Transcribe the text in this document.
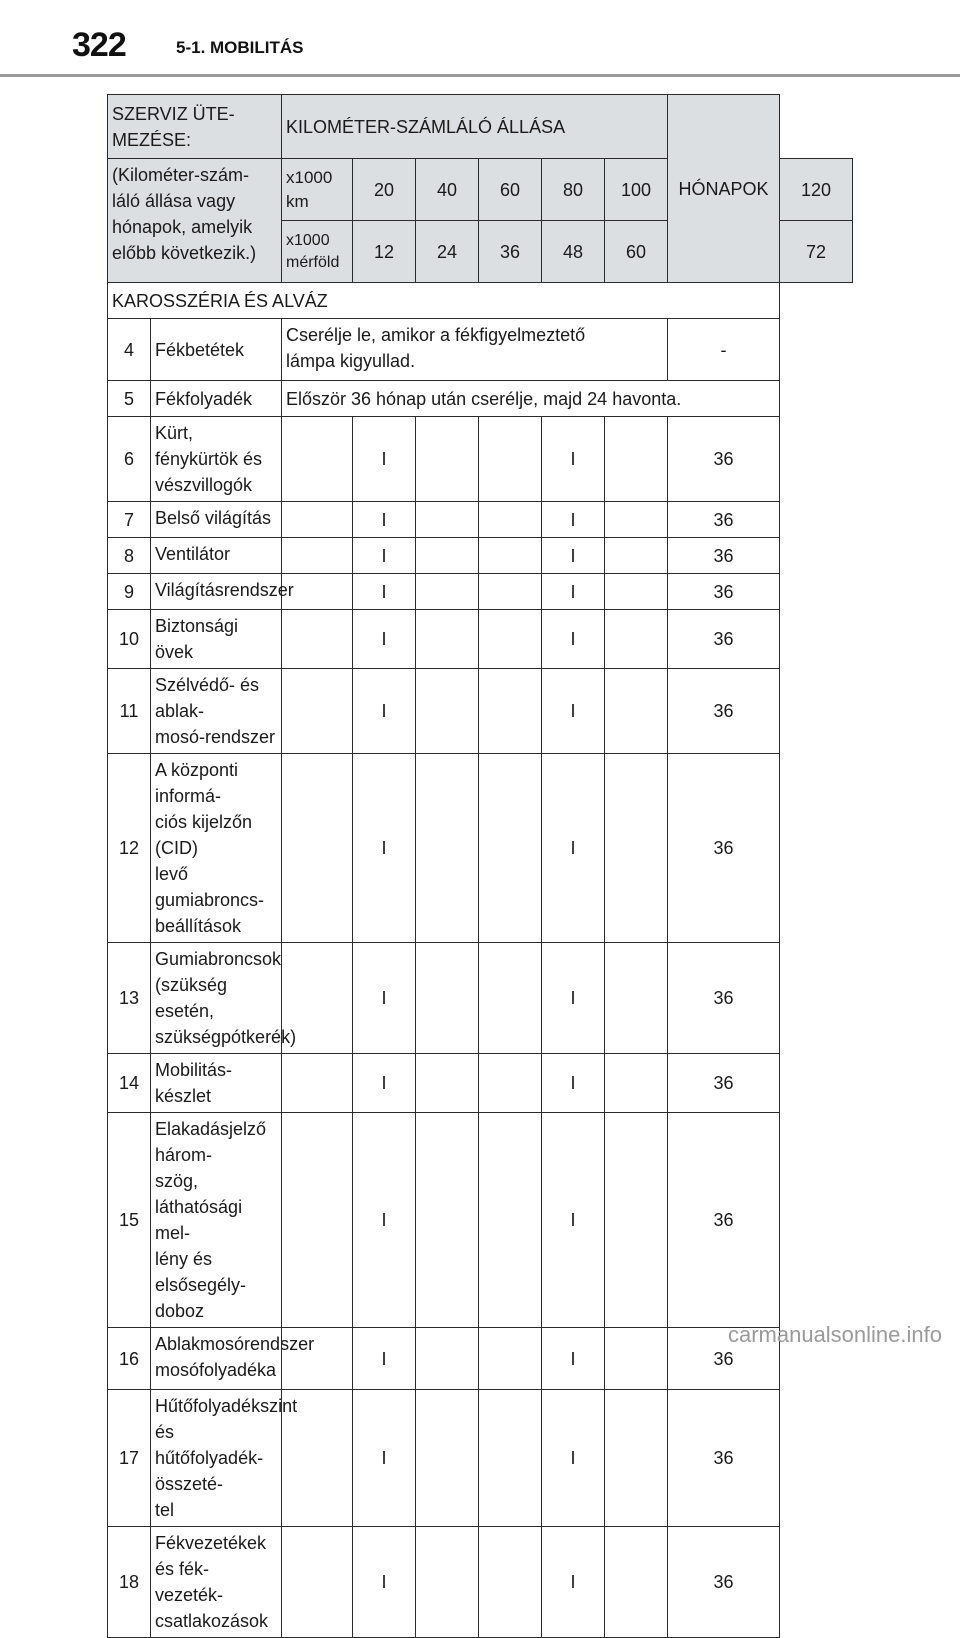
322	5-1. MOBILITÁS
SZERVIZ ÜTE-
MEZÉSE:		KILOMÉTER-SZÁMLÁLÓ ÁLLÁSA						HÓNAPOK	
(Kilométer-szám-
láló állása vagy
hónapok, amelyik
előbb következik.)		x1000
km	20	40	60	80	100		120
		x1000
mérföld	12	24	36	48	60		72
KAROSSZÉRIA ÉS ALVÁZ									
4	Fékbetétek	Cserélje le, amikor a fékfigyelmeztető
lámpa kigyullad.						-	
5	Fékfolyadék	Először 36 hónap után cserélje, majd 24 havonta.							
6	Kürt, fénykürtök és
vészvillogók		I			I		36	
7	Belső világítás		I			I		36	
8	Ventilátor		I			I		36	
9	Világításrendszer		I			I		36	
10	Biztonsági övek		I			I		36	
11	Szélvédő- és ablak-
mosó-rendszer		I			I		36	
12	A központi informá-
ciós kijelzőn (CID)
levő gumiabroncs-
beállítások		I			I		36	
13	Gumiabroncsok
(szükség esetén,
szükségpótkerék)		I			I		36	
14	Mobilitás-készlet		I			I		36	
15	Elakadásjelző három-
szög, láthatósági mel-
lény és elsősegély-
doboz		I			I		36	
16	Ablakmosórendszer
mosófolyadéka		I			I		36	
17	Hűtőfolyadékszint és
hűtőfolyadék-összeté-
tel		I			I		36	
18	Fékvezetékek és fék-
vezeték-csatlakozások		I			I		36	
carmanualsonline.info
